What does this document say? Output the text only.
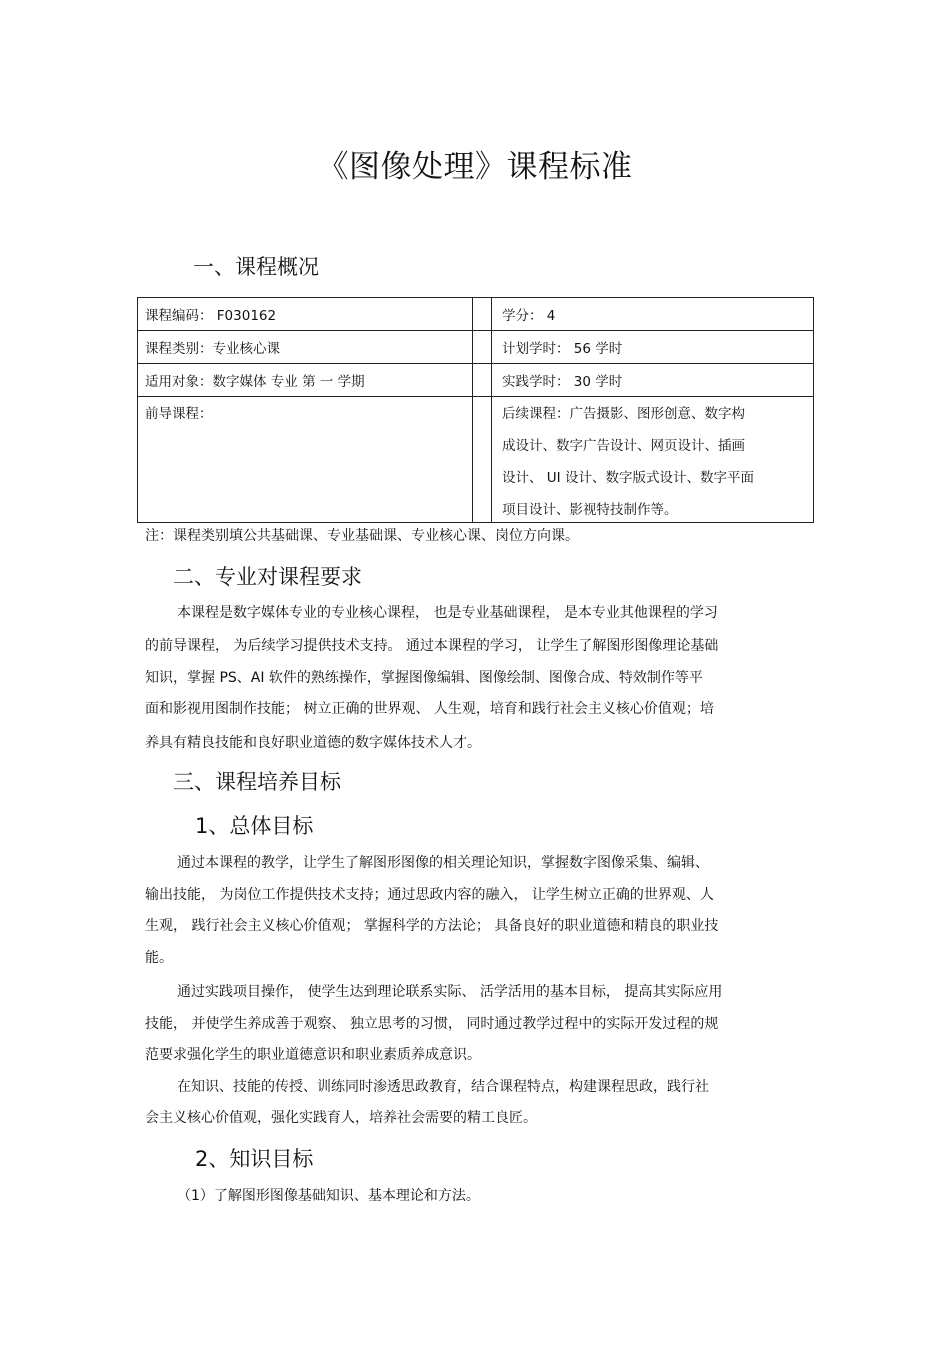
《图像处理》课程标准
一、课程概况
课程编码： F030162	学分： 4
课程类别：专业核心课	计划学时： 56 学时
适用对象：数字媒体 专业 第 一 学期	实践学时： 30 学时
前导课程：	后续课程：广告摄影、图形创意、数字构
成设计、数字广告设计、网页设计、插画
设计、 UI 设计、数字版式设计、数字平面
项目设计、影视特技制作等。
注：课程类别填公共基础课、专业基础课、专业核心课、岗位方向课。
二、专业对课程要求
本课程是数字媒体专业的专业核心课程， 也是专业基础课程， 是本专业其他课程的学习
的前导课程， 为后续学习提供技术支持。 通过本课程的学习， 让学生了解图形图像理论基础
知识，掌握 PS、AI 软件的熟练操作，掌握图像编辑、图像绘制、图像合成、特效制作等平
面和影视用图制作技能； 树立正确的世界观、 人生观，培育和践行社会主义核心价值观；培
养具有精良技能和良好职业道德的数字媒体技术人才。
三、课程培养目标
1、总体目标
通过本课程的教学，让学生了解图形图像的相关理论知识，掌握数字图像采集、编辑、
输出技能， 为岗位工作提供技术支持；通过思政内容的融入， 让学生树立正确的世界观、人
生观， 践行社会主义核心价值观； 掌握科学的方法论； 具备良好的职业道德和精良的职业技
能。
通过实践项目操作， 使学生达到理论联系实际、 活学活用的基本目标， 提高其实际应用
技能， 并使学生养成善于观察、 独立思考的习惯， 同时通过教学过程中的实际开发过程的规
范要求强化学生的职业道德意识和职业素质养成意识。
在知识、技能的传授、训练同时渗透思政教育，结合课程特点，构建课程思政，践行社
会主义核心价值观，强化实践育人，培养社会需要的精工良匠。
2、知识目标
（1）了解图形图像基础知识、基本理论和方法。
